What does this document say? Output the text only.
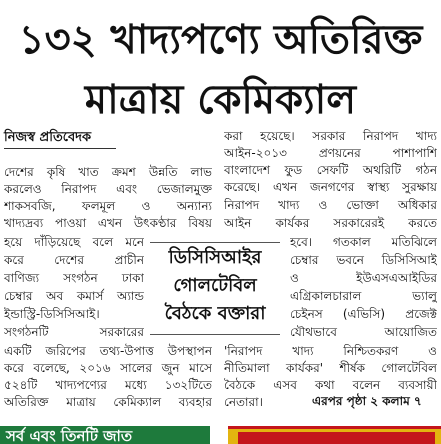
১৩২ খাদ্যপণ্যে অতিরিক্ত
মাত্রায় কেমিক্যাল
নিজস্ব প্রতিবেদক
দেশের কৃষি খাত ক্রমশ উন্নতি লাভ
করলেও নিরাপদ এবং ভেজালমুক্ত
শাকসবজি, ফলমূল ও অন্যান্য
খাদ্যদ্রব্য পাওয়া এখন উৎকণ্ঠার বিষয়
হয়ে দাঁড়িয়েছে বলে মনে
করে দেশের প্রাচীন
বাণিজ্য সংগঠন ঢাকা
চেম্বার অব কমার্স অ্যান্ড
ইন্ডাস্ট্রি-ডিসিসিআই।
সংগঠনটি সরকারের
একটি জরিপের তথ্য-উপাত্ত উপস্থাপন
করে বলেছে, ২০১৬ সালের জুন মাসে
৫২৪টি খাদ্যপণ্যের মধ্যে ১৩২টিতে
অতিরিক্ত মাত্রায় কেমিক্যাল ব্যবহার
ডিসিসিআইর
গোলটেবিল
বৈঠকে বক্তারা
করা হয়েছে। সরকার নিরাপদ খাদ্য
আইন-২০১৩ প্রণয়নের পাশাপাশি
বাংলাদেশ ফুড সেফটি অথরিটি গঠন
করেছে। এখন জনগণের স্বাস্থ্য সুরক্ষায়
নিরাপদ খাদ্য ও ভোক্তা অধিকার
আইন কার্যকর সরকারেরই করতে
হবে। গতকাল মতিঝিলে
চেম্বার ভবনে ডিসিসিআই
ও ইউএসএআইডির
এগ্রিকালচারাল ভ্যালু
চেইনস (এভিসি) প্রজেক্ট
যৌথভাবে আয়োজিত
'নিরাপদ খাদ্য নিশ্চিতকরণ ও
নীতিমালা কার্যকর' শীর্ষক গোলটেবিল
বৈঠকে এসব কথা বলেন ব্যবসায়ী
নেতারা।	এরপর পৃষ্ঠা ২ কলাম ৭
সর্ব এবং তিনটি জাত
